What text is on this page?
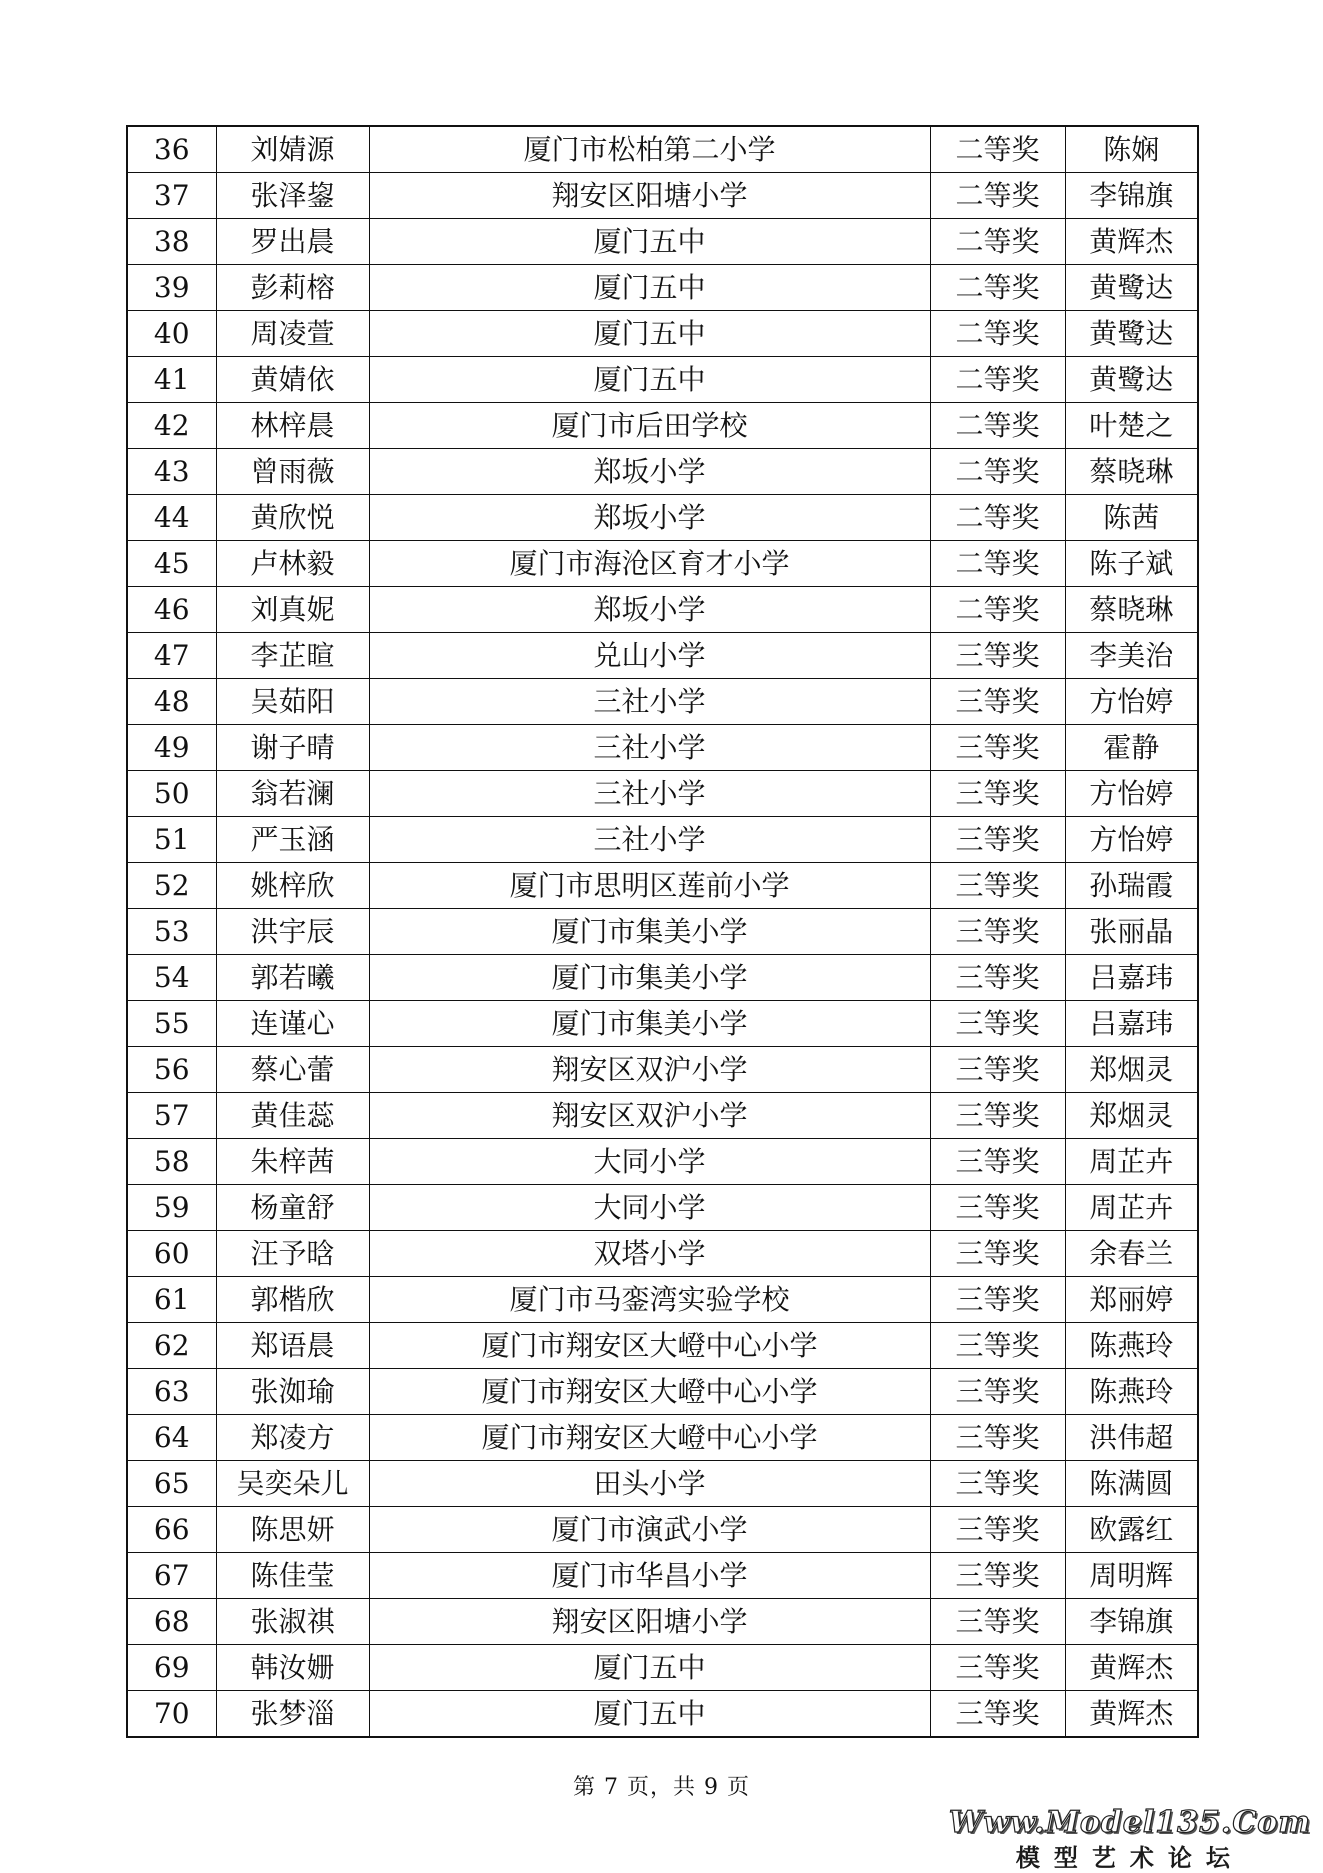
36	刘婧源	厦门市松柏第二小学	二等奖	陈娴
37	张泽鋆	翔安区阳塘小学	二等奖	李锦旗
38	罗出晨	厦门五中	二等奖	黄辉杰
39	彭莉榕	厦门五中	二等奖	黄鹭达
40	周凌萱	厦门五中	二等奖	黄鹭达
41	黄婧依	厦门五中	二等奖	黄鹭达
42	林梓晨	厦门市后田学校	二等奖	叶楚之
43	曾雨薇	郑坂小学	二等奖	蔡晓琳
44	黄欣悦	郑坂小学	二等奖	陈茜
45	卢林毅	厦门市海沧区育才小学	二等奖	陈子斌
46	刘真妮	郑坂小学	二等奖	蔡晓琳
47	李芷暄	兑山小学	三等奖	李美治
48	吴茹阳	三社小学	三等奖	方怡婷
49	谢子晴	三社小学	三等奖	霍静
50	翁若澜	三社小学	三等奖	方怡婷
51	严玉涵	三社小学	三等奖	方怡婷
52	姚梓欣	厦门市思明区莲前小学	三等奖	孙瑞霞
53	洪宇辰	厦门市集美小学	三等奖	张丽晶
54	郭若曦	厦门市集美小学	三等奖	吕嘉玮
55	连谨心	厦门市集美小学	三等奖	吕嘉玮
56	蔡心蕾	翔安区双沪小学	三等奖	郑烟灵
57	黄佳蕊	翔安区双沪小学	三等奖	郑烟灵
58	朱梓茜	大同小学	三等奖	周芷卉
59	杨童舒	大同小学	三等奖	周芷卉
60	汪予晗	双塔小学	三等奖	余春兰
61	郭楷欣	厦门市马銮湾实验学校	三等奖	郑丽婷
62	郑语晨	厦门市翔安区大嶝中心小学	三等奖	陈燕玲
63	张洳瑜	厦门市翔安区大嶝中心小学	三等奖	陈燕玲
64	郑凌方	厦门市翔安区大嶝中心小学	三等奖	洪伟超
65	吴奕朵儿	田头小学	三等奖	陈满圆
66	陈思妍	厦门市演武小学	三等奖	欧露红
67	陈佳莹	厦门市华昌小学	三等奖	周明辉
68	张淑祺	翔安区阳塘小学	三等奖	李锦旗
69	韩汝姗	厦门五中	三等奖	黄辉杰
70	张梦淄	厦门五中	三等奖	黄辉杰
第 7 页，共 9 页
Www.Model135.Com
模型艺术论坛
